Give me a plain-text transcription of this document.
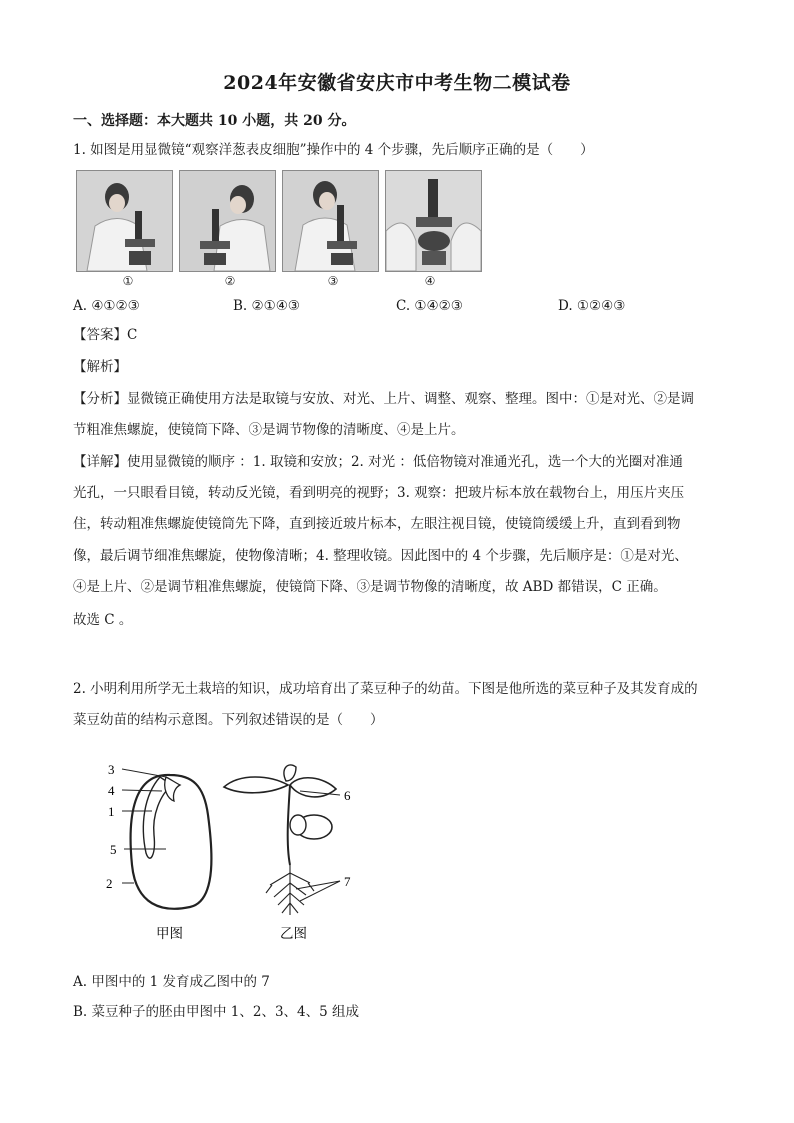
2024年安徽省安庆市中考生物二模试卷
一、选择题：本大题共 10 小题，共 20 分。
1. 如图是用显微镜“观察洋葱表皮细胞”操作中的 4 个步骤，先后顺序正确的是（　　）
①	②	③	④
A. ④①②③	B. ②①④③	C. ①④②③	D. ①②④③
【答案】C
【解析】
【分析】显微镜正确使用方法是取镜与安放、对光、上片、调整、观察、整理。图中：①是对光、②是调
节粗准焦螺旋，使镜筒下降、③是调节物像的清晰度、④是上片。
【详解】使用显微镜的顺序 ：1. 取镜和安放；2. 对光 ：低倍物镜对准通光孔，选一个大的光圈对准通
光孔，一只眼看目镜，转动反光镜，看到明亮的视野；3. 观察：把玻片标本放在载物台上，用压片夹压
住，转动粗准焦螺旋使镜筒先下降，直到接近玻片标本，左眼注视目镜，使镜筒缓缓上升，直到看到物
像，最后调节细准焦螺旋，使物像清晰；4. 整理收镜。因此图中的 4 个步骤，先后顺序是：①是对光、
④是上片、②是调节粗准焦螺旋，使镜筒下降、③是调节物像的清晰度，故 ABD 都错误，C 正确。
故选 C 。
2. 小明利用所学无土栽培的知识，成功培育出了菜豆种子的幼苗。下图是他所选的菜豆种子及其发育成的
菜豆幼苗的结构示意图。下列叙述错误的是（　　）
3
4
1
5
2
6
7
甲图	乙图
A. 甲图中的 1 发育成乙图中的 7
B. 菜豆种子的胚由甲图中 1、2、3、4、5 组成
